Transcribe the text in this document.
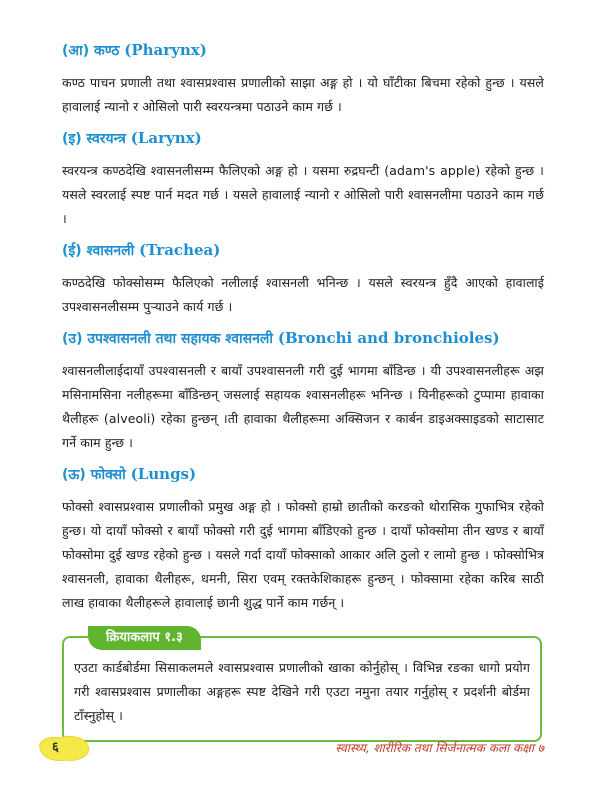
(आ) कण्ठ (Pharynx)

कण्ठ पाचन प्रणाली तथा श्वासप्रश्वास प्रणालीको साझा अङ्ग हो । यो घाँटीका बिचमा रहेको हुन्छ । यसले हावालाई न्यानो र ओसिलो पारी स्वरयन्त्रमा पठाउने काम गर्छ ।

(इ) स्वरयन्त्र (Larynx)

स्वरयन्त्र कण्ठदेखि श्वासनलीसम्म फैलिएको अङ्ग हो । यसमा रुद्रघन्टी (adam's apple) रहेको हुन्छ । यसले स्वरलाई स्पष्ट पार्न मदत गर्छ । यसले हावालाई न्यानो र ओसिलो पारी श्वासनलीमा पठाउने काम गर्छ ।

(ई) श्वासनली (Trachea)

कण्ठदेखि फोक्सोसम्म फैलिएको नलीलाई श्वासनली भनिन्छ । यसले स्वरयन्त्र हुँदै आएको हावालाई उपश्वासनलीसम्म पुऱ्याउने कार्य गर्छ ।

(उ) उपश्वासनली तथा सहायक श्वासनली (Bronchi and bronchioles)

श्वासनलीलाईदायाँ उपश्वासनली र बायाँ उपश्वासनली गरी दुई भागमा बाँडिन्छ । यी उपश्वासनलीहरू अझ मसिनामसिना नलीहरूमा बाँडिन्छन् जसलाई सहायक श्वासनलीहरू भनिन्छ । यिनीहरूको टुप्पामा हावाका थैलीहरू (alveoli) रहेका हुन्छन् ।ती हावाका थैलीहरूमा अक्सिजन र कार्बन डाइअक्साइडको साटासाट गर्ने काम हुन्छ ।

(ऊ) फोक्सो (Lungs)

फोक्सो श्वासप्रश्वास प्रणालीको प्रमुख अङ्ग हो । फोक्सो हाम्रो छातीको करङको थोरासिक गुफाभित्र रहेको हुन्छ। यो दायाँ फोक्सो र बायाँ फोक्सो गरी दुई भागमा बाँडिएको हुन्छ । दायाँ फोक्सोमा तीन खण्ड र बायाँ फोक्सोमा दुई खण्ड रहेको हुन्छ । यसले गर्दा दायाँ फोक्साको आकार अलि ठुलो र लामो हुन्छ । फोक्सोभित्र श्वासनली, हावाका थैलीहरू, धमनी, सिरा एवम् रक्तकेशिकाहरू हुन्छन् । फोक्सामा रहेका करिब साठी लाख हावाका थैलीहरूले हावालाई छानी शुद्ध पार्ने काम गर्छन् ।

क्रियाकलाप १.३

एउटा कार्डबोर्डमा सिसाकलमले श्वासप्रश्वास प्रणालीको खाका कोर्नुहोस् । विभिन्न रङका धागो प्रयोग गरी श्वासप्रश्वास प्रणालीका अङ्गहरू स्पष्ट देखिने गरी एउटा नमुना तयार गर्नुहोस् र प्रदर्शनी बोर्डमा टाँस्नुहोस् ।

६	स्वास्थ्य, शारीरिक तथा सिर्जनात्मक कला कक्षा ७
